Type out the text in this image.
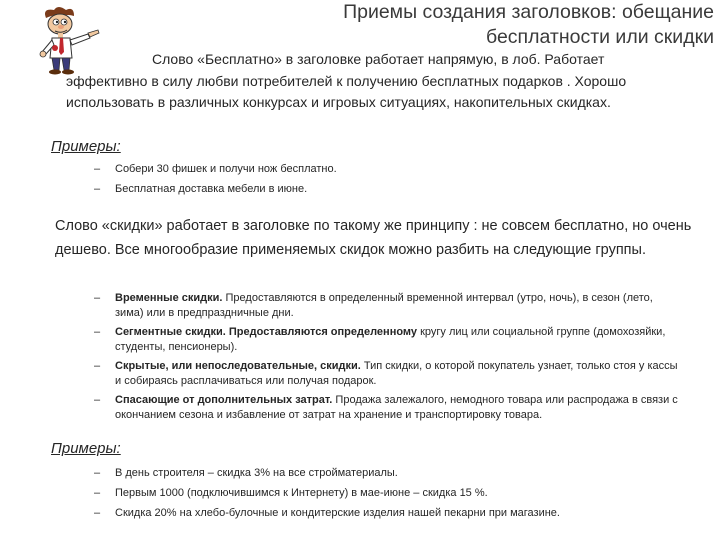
Приемы создания заголовков: обещание бесплатности или скидки

Слово «Бесплатно» в заголовке работает напрямую, в лоб. Работает
эффективно в силу любви потребителей к получению бесплатных подарков . Хорошо использовать в различных конкурсах и игровых ситуациях, накопительных скидках.

Примеры:
– Собери 30 фишек и получи нож бесплатно.
– Бесплатная доставка мебели в июне.

Слово «скидки» работает в заголовке по такому же принципу : не совсем бесплатно, но очень дешево. Все многообразие применяемых скидок можно разбить на следующие группы.

– Временные скидки. Предоставляются в определенный временной интервал (утро, ночь), в сезон (лето, зима) или в предпраздничные дни.
– Сегментные скидки. Предоставляются определенному кругу лиц или социальной группе (домохозяйки, студенты, пенсионеры).
– Скрытые, или непоследовательные, скидки. Тип скидки, о которой покупатель узнает, только стоя у кассы и собираясь расплачиваться или получая подарок.
– Спасающие от дополнительных затрат. Продажа залежалого, немодного товара или распродажа в связи с окончанием сезона и избавление от затрат на хранение и транспортировку товара.
Примеры:
– В день строителя – скидка 3% на все стройматериалы.
– Первым 1000 (подключившимся к Интернету) в мае-июне – скидка 15 %.
– Скидка 20% на хлебо-булочные и кондитерские изделия нашей пекарни при магазине.
